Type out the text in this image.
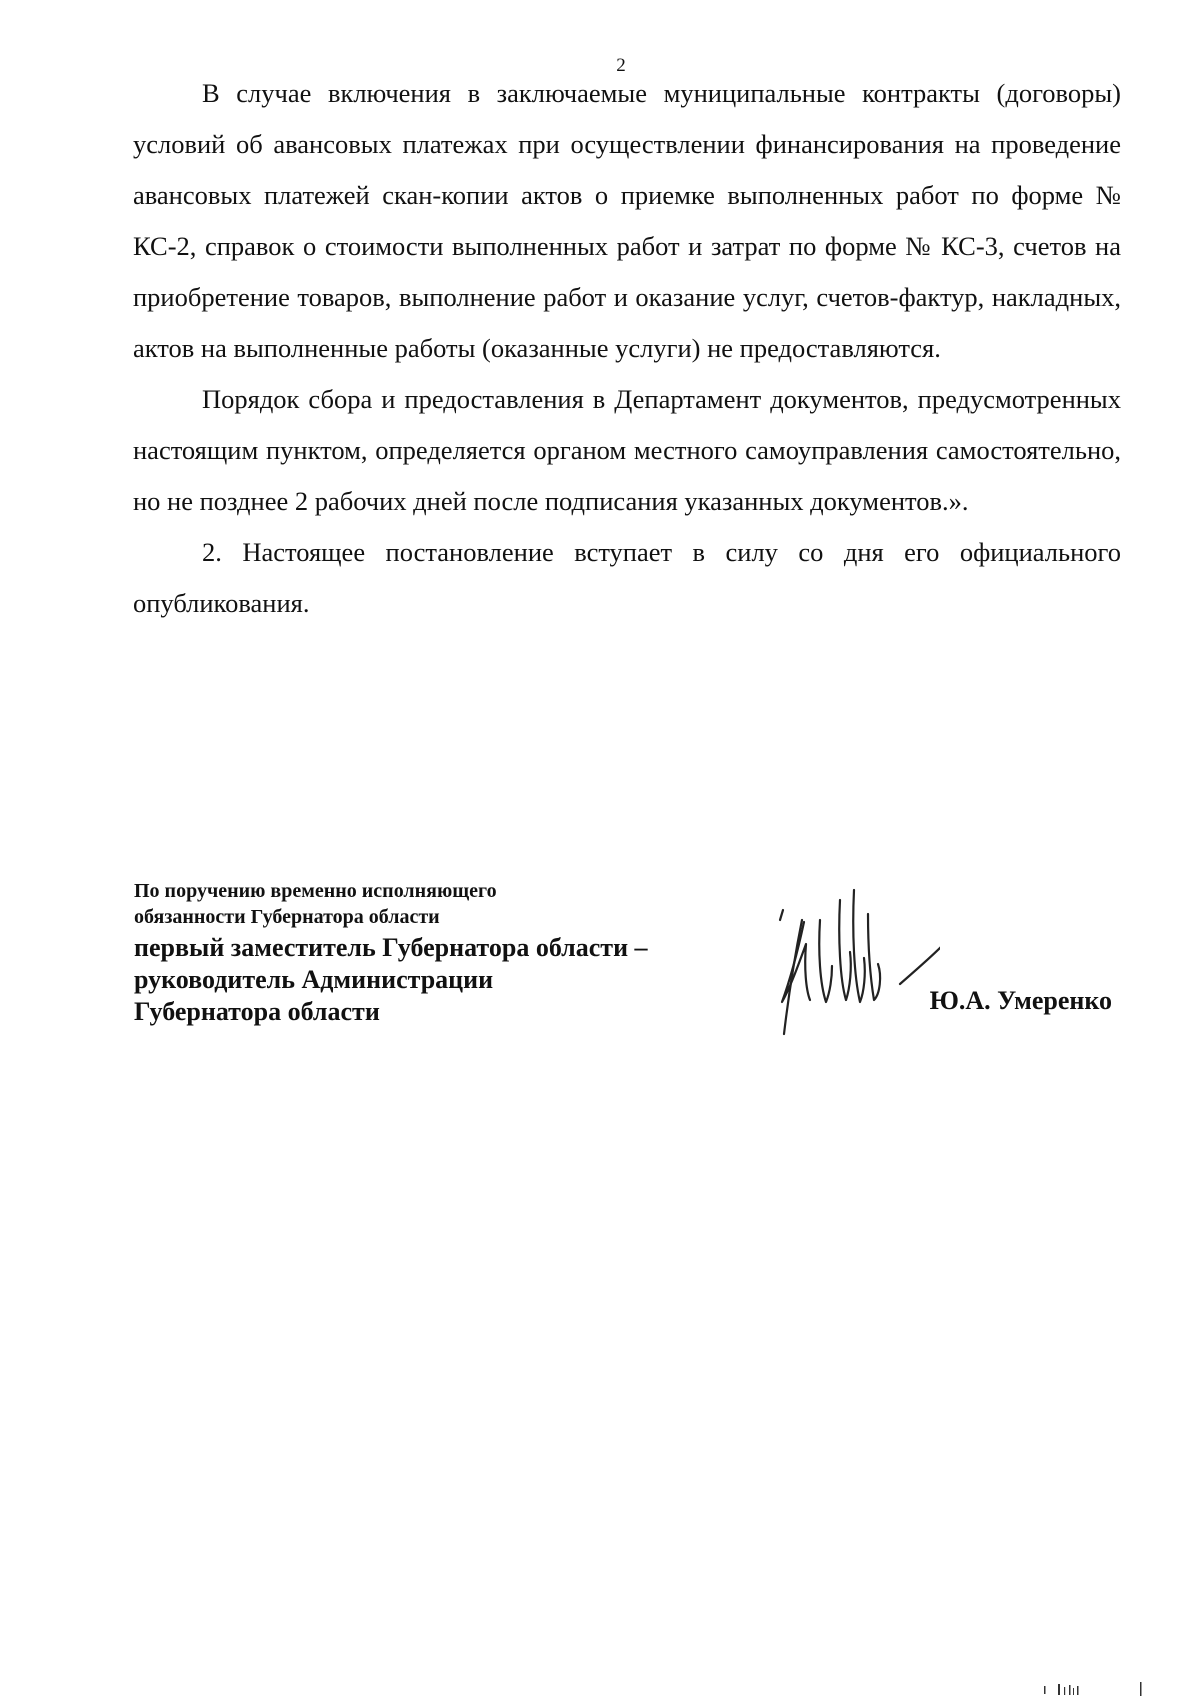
2

В случае включения в заключаемые муниципальные контракты (договоры) условий об авансовых платежах при осуществлении финансирования на проведение авансовых платежей скан-копии актов о приемке выполненных работ по форме № КС-2, справок о стоимости выполненных работ и затрат по форме № КС-3, счетов на приобретение товаров, выполнение работ и оказание услуг, счетов-фактур, накладных, актов на выполненные работы (оказанные услуги) не предоставляются.

Порядок сбора и предоставления в Департамент документов, предусмотренных настоящим пунктом, определяется органом местного самоуправления самостоятельно, но не позднее 2 рабочих дней после подписания указанных документов.».

2. Настоящее постановление вступает в силу со дня его официального опубликования.

По поручению временно исполняющего
обязанности Губернатора области
первый заместитель Губернатора области –
руководитель Администрации
Губернатора области	Ю.А. Умеренко
